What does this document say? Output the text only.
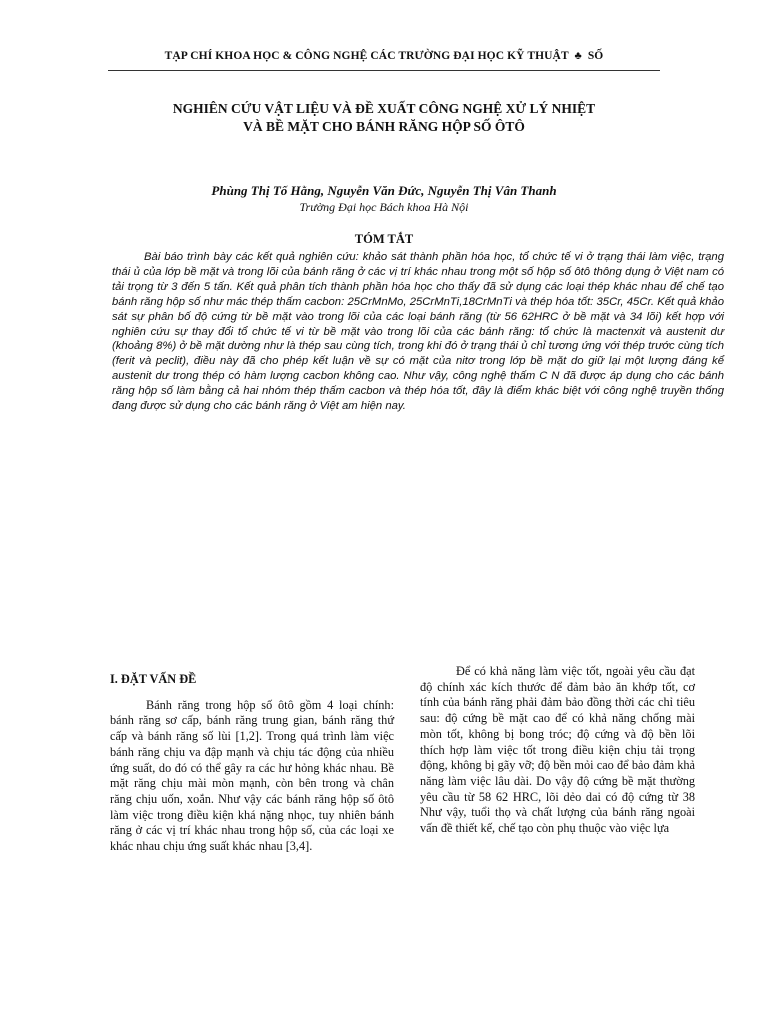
TẠP CHÍ KHOA HỌC & CÔNG NGHỆ CÁC TRƯỜNG ĐẠI HỌC KỸ THUẬT ♣ SỐ
NGHIÊN CỨU VẬT LIỆU VÀ ĐỀ XUẤT CÔNG NGHỆ XỬ LÝ NHIỆT
VÀ BỀ MẶT CHO BÁNH RĂNG HỘP SỐ ÔTÔ
Phùng Thị Tố Hằng, Nguyễn Văn Đức, Nguyễn Thị Vân Thanh
Trường Đại học Bách khoa Hà Nội
TÓM TẮT

Bài báo trình bày các kết quả nghiên cứu: khảo sát thành phần hóa học, tổ chức tế vi ở trạng thái làm việc, trạng thái ủ của lớp bề mặt và trong lõi của bánh răng ở các vị trí khác nhau trong một số hộp số ôtô thông dụng ở Việt nam có tải trọng từ 3 đến 5 tấn. Kết quả phân tích thành phần hóa học cho thấy đã sử dụng các loại thép khác nhau để chế tạo bánh răng hộp số như mác thép thấm cacbon: 25CrMnMo, 25CrMnTi,18CrMnTi và thép hóa tốt: 35Cr, 45Cr. Kết quả khảo sát sự phân bố độ cứng từ bề mặt vào trong lõi của các loại bánh răng (từ 56 62HRC ở bề mặt và 34 lõi) kết hợp với nghiên cứu sự thay đổi tổ chức tế vi từ bề mặt vào trong lõi của các bánh răng: tổ chức là mactenxit và austenit dư (khoảng 8%) ở bề mặt dường như là thép sau cùng tích, trong khi đó ở trạng thái ủ chỉ tương ứng với thép trước cùng tích (ferit và peclit), điều này đã cho phép kết luận về sự có mặt của nitơ trong lớp bề mặt do giữ lại một lượng đáng kể austenit dư trong thép có hàm lượng cacbon không cao. Như vậy, công nghệ thấm C N đã được áp dụng cho các bánh răng hộp số làm bằng cả hai nhóm thép thấm cacbon và thép hóa tốt, đây là điểm khác biệt với công nghệ truyền thống đang được sử dụng cho các bánh răng ở Việt am hiện nay.

I. ĐẶT VẤN ĐỀ

Bánh răng trong hộp số ôtô gồm 4 loại chính: bánh răng sơ cấp, bánh răng trung gian, bánh răng thứ cấp và bánh răng số lùi [1,2]. Trong quá trình làm việc bánh răng chịu va đập mạnh và chịu tác động của nhiều ứng suất, do đó có thể gây ra các hư hỏng khác nhau. Bề mặt răng chịu mài mòn mạnh, còn bên trong và chân răng chịu uốn, xoắn. Như vậy các bánh răng hộp số ôtô làm việc trong điều kiện khá nặng nhọc, tuy nhiên bánh răng ở các vị trí khác nhau trong hộp số, của các loại xe khác nhau chịu ứng suất khác nhau [3,4].

Để có khả năng làm việc tốt, ngoài yêu cầu đạt độ chính xác kích thước để đảm bảo ăn khớp tốt, cơ tính của bánh răng phải đảm bảo đồng thời các chỉ tiêu sau: độ cứng bề mặt cao để có khả năng chống mài mòn tốt, không bị bong tróc; độ cứng và độ bền lõi thích hợp làm việc tốt trong điều kiện chịu tải trọng động, không bị gãy vỡ; độ bền mỏi cao để bảo đảm khả năng làm việc lâu dài. Do vậy độ cứng bề mặt thường yêu cầu từ 58 62 HRC, lõi dẻo dai có độ cứng từ 38 Như vậy, tuổi thọ và chất lượng của bánh răng ngoài vấn đề thiết kế, chế tạo còn phụ thuộc vào việc lựa
